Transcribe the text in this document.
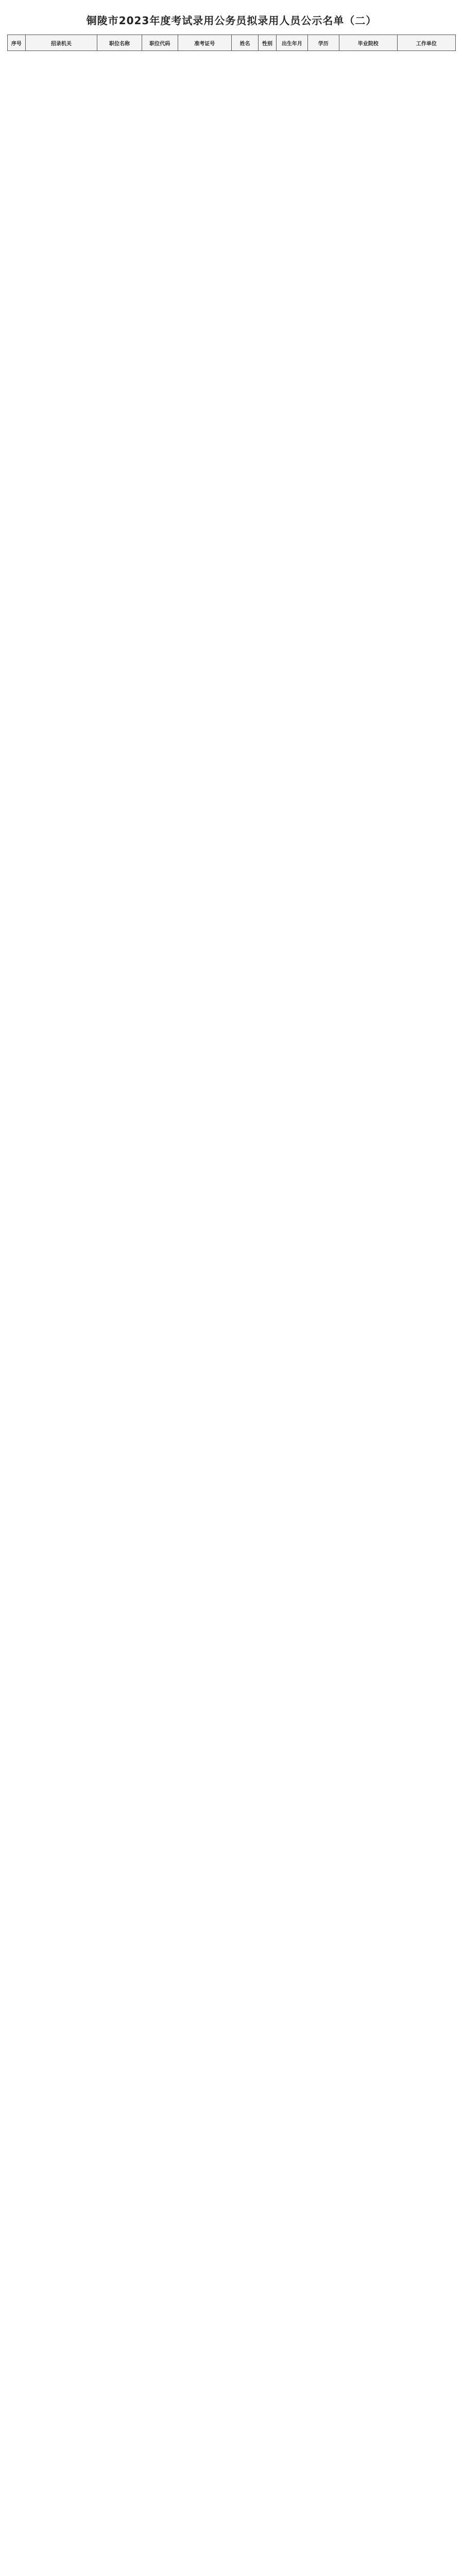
铜陵市2023年度考试录用公务员拟录用人员公示名单（二）
序号	招录机关	职位名称	职位代码	准考证号	姓名	性别	出生年月	学历	毕业院校	工作单位
